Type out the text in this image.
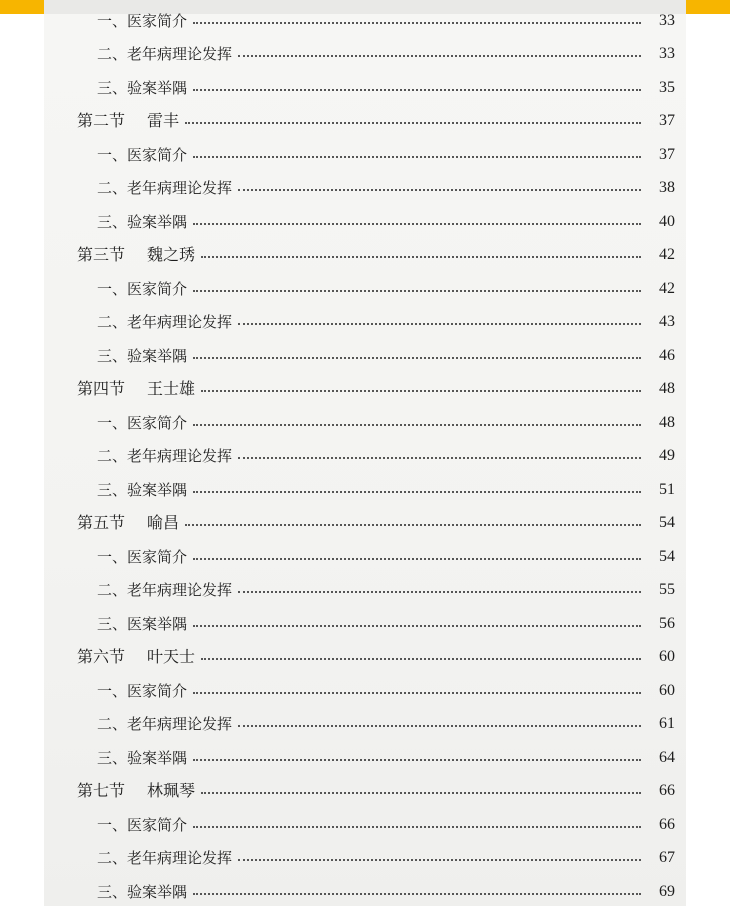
一、医家简介	33
二、老年病理论发挥	33
三、验案举隅	35
第二节 雷丰	37
一、医家简介	37
二、老年病理论发挥	38
三、验案举隅	40
第三节 魏之琇	42
一、医家简介	42
二、老年病理论发挥	43
三、验案举隅	46
第四节 王士雄	48
一、医家简介	48
二、老年病理论发挥	49
三、验案举隅	51
第五节 喻昌	54
一、医家简介	54
二、老年病理论发挥	55
三、医案举隅	56
第六节 叶天士	60
一、医家简介	60
二、老年病理论发挥	61
三、验案举隅	64
第七节 林珮琴	66
一、医家简介	66
二、老年病理论发挥	67
三、验案举隅	69
